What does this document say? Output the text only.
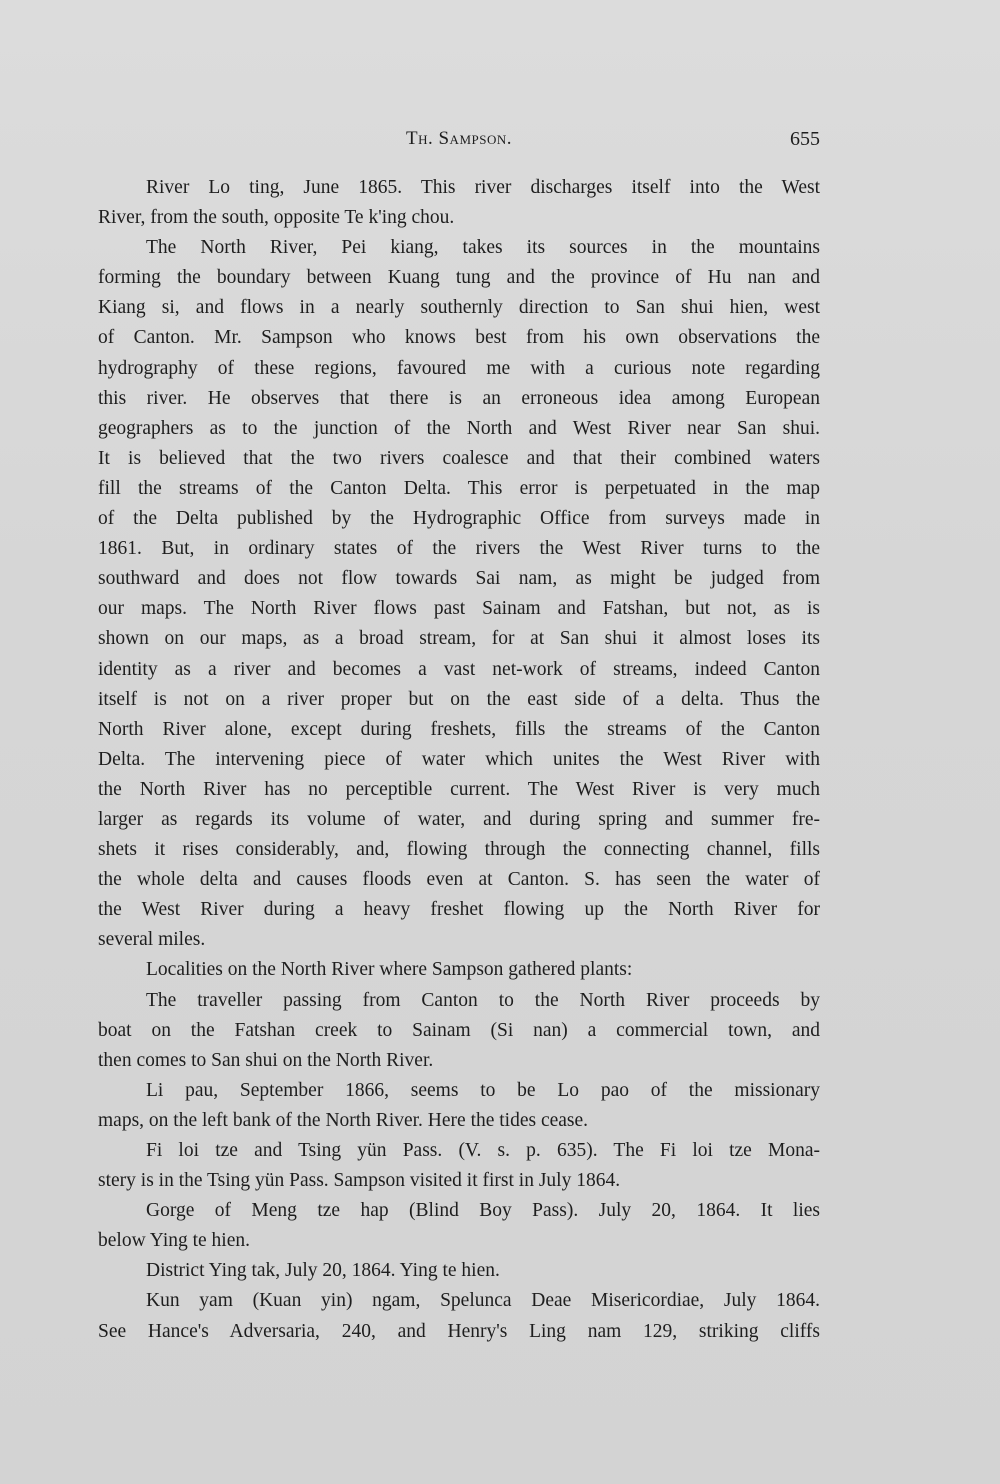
Th. Sampson.	655
River Lo ting, June 1865. This river discharges itself into the West
River, from the south, opposite Te k'ing chou.
The North River, Pei kiang, takes its sources in the mountains
forming the boundary between Kuang tung and the province of Hu nan and
Kiang si, and flows in a nearly southernly direction to San shui hien, west
of Canton. Mr. Sampson who knows best from his own observations the
hydrography of these regions, favoured me with a curious note regarding
this river. He observes that there is an erroneous idea among European
geographers as to the junction of the North and West River near San shui.
It is believed that the two rivers coalesce and that their combined waters
fill the streams of the Canton Delta. This error is perpetuated in the map
of the Delta published by the Hydrographic Office from surveys made in
1861. But, in ordinary states of the rivers the West River turns to the
southward and does not flow towards Sai nam, as might be judged from
our maps. The North River flows past Sainam and Fatshan, but not, as is
shown on our maps, as a broad stream, for at San shui it almost loses its
identity as a river and becomes a vast net-work of streams, indeed Canton
itself is not on a river proper but on the east side of a delta. Thus the
North River alone, except during freshets, fills the streams of the Canton
Delta. The intervening piece of water which unites the West River with
the North River has no perceptible current. The West River is very much
larger as regards its volume of water, and during spring and summer fre-
shets it rises considerably, and, flowing through the connecting channel, fills
the whole delta and causes floods even at Canton. S. has seen the water of
the West River during a heavy freshet flowing up the North River for
several miles.
Localities on the North River where Sampson gathered plants:
The traveller passing from Canton to the North River proceeds by
boat on the Fatshan creek to Sainam (Si nan) a commercial town, and
then comes to San shui on the North River.
Li pau, September 1866, seems to be Lo pao of the missionary
maps, on the left bank of the North River. Here the tides cease.
Fi loi tze and Tsing yün Pass. (V. s. p. 635). The Fi loi tze Mona-
stery is in the Tsing yün Pass. Sampson visited it first in July 1864.
Gorge of Meng tze hap (Blind Boy Pass). July 20, 1864. It lies
below Ying te hien.
District Ying tak, July 20, 1864. Ying te hien.
Kun yam (Kuan yin) ngam, Spelunca Deae Misericordiae, July 1864.
See Hance's Adversaria, 240, and Henry's Ling nam 129, striking cliffs
